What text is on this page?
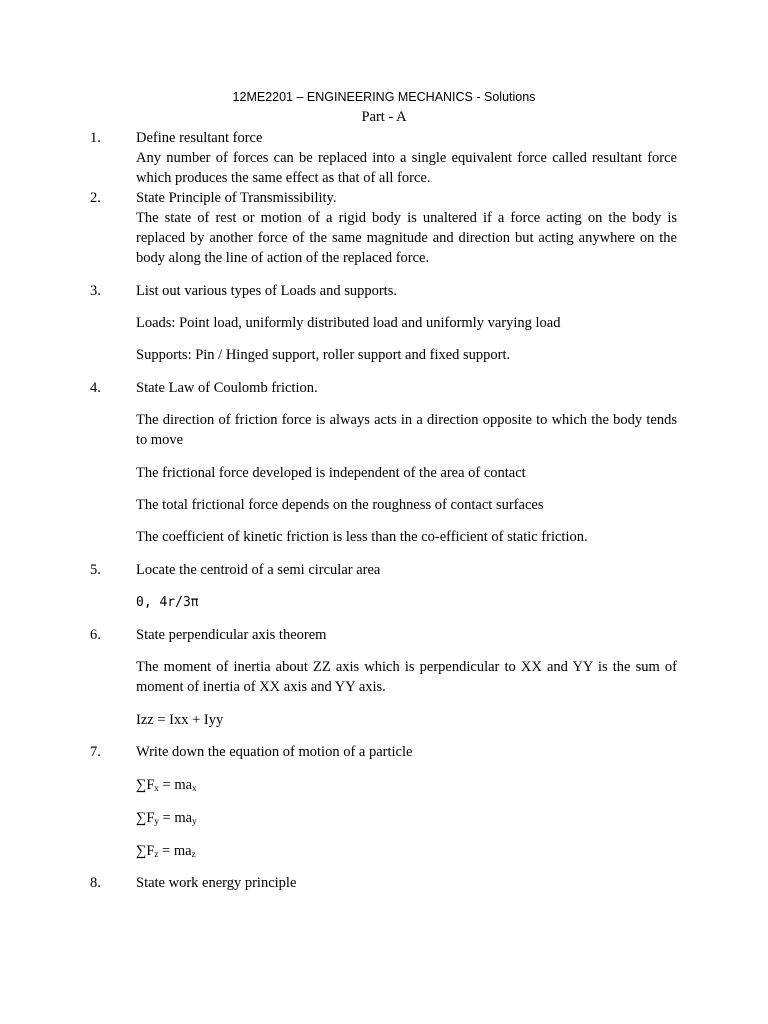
12ME2201 – ENGINEERING MECHANICS - Solutions
Part - A
1. Define resultant force
Any number of forces can be replaced into a single equivalent force called resultant force which produces the same effect as that of all force.
2. State Principle of Transmissibility.
The state of rest or motion of a rigid body is unaltered if a force acting on the body is replaced by another force of the same magnitude and direction but acting anywhere on the body along the line of action of the replaced force.
3. List out various types of Loads and supports.
Loads: Point load, uniformly distributed load and uniformly varying load
Supports: Pin / Hinged support, roller support and fixed support.
4. State Law of Coulomb friction.
The direction of friction force is always acts in a direction opposite to which the body tends to move
The frictional force developed is independent of the area of contact
The total frictional force depends on the roughness of contact surfaces
The coefficient of kinetic friction is less than the co-efficient of static friction.
5. Locate the centroid of a semi circular area
0, 4r/3π
6. State perpendicular axis theorem
The moment of inertia about ZZ axis which is perpendicular to XX and YY is the sum of moment of inertia of XX axis and YY axis.
Izz = Ixx + Iyy
7. Write down the equation of motion of a particle
$\sum F_x = ma_x$
$\sum F_y = ma_y$
$\sum F_z = ma_z$
8. State work energy principle
